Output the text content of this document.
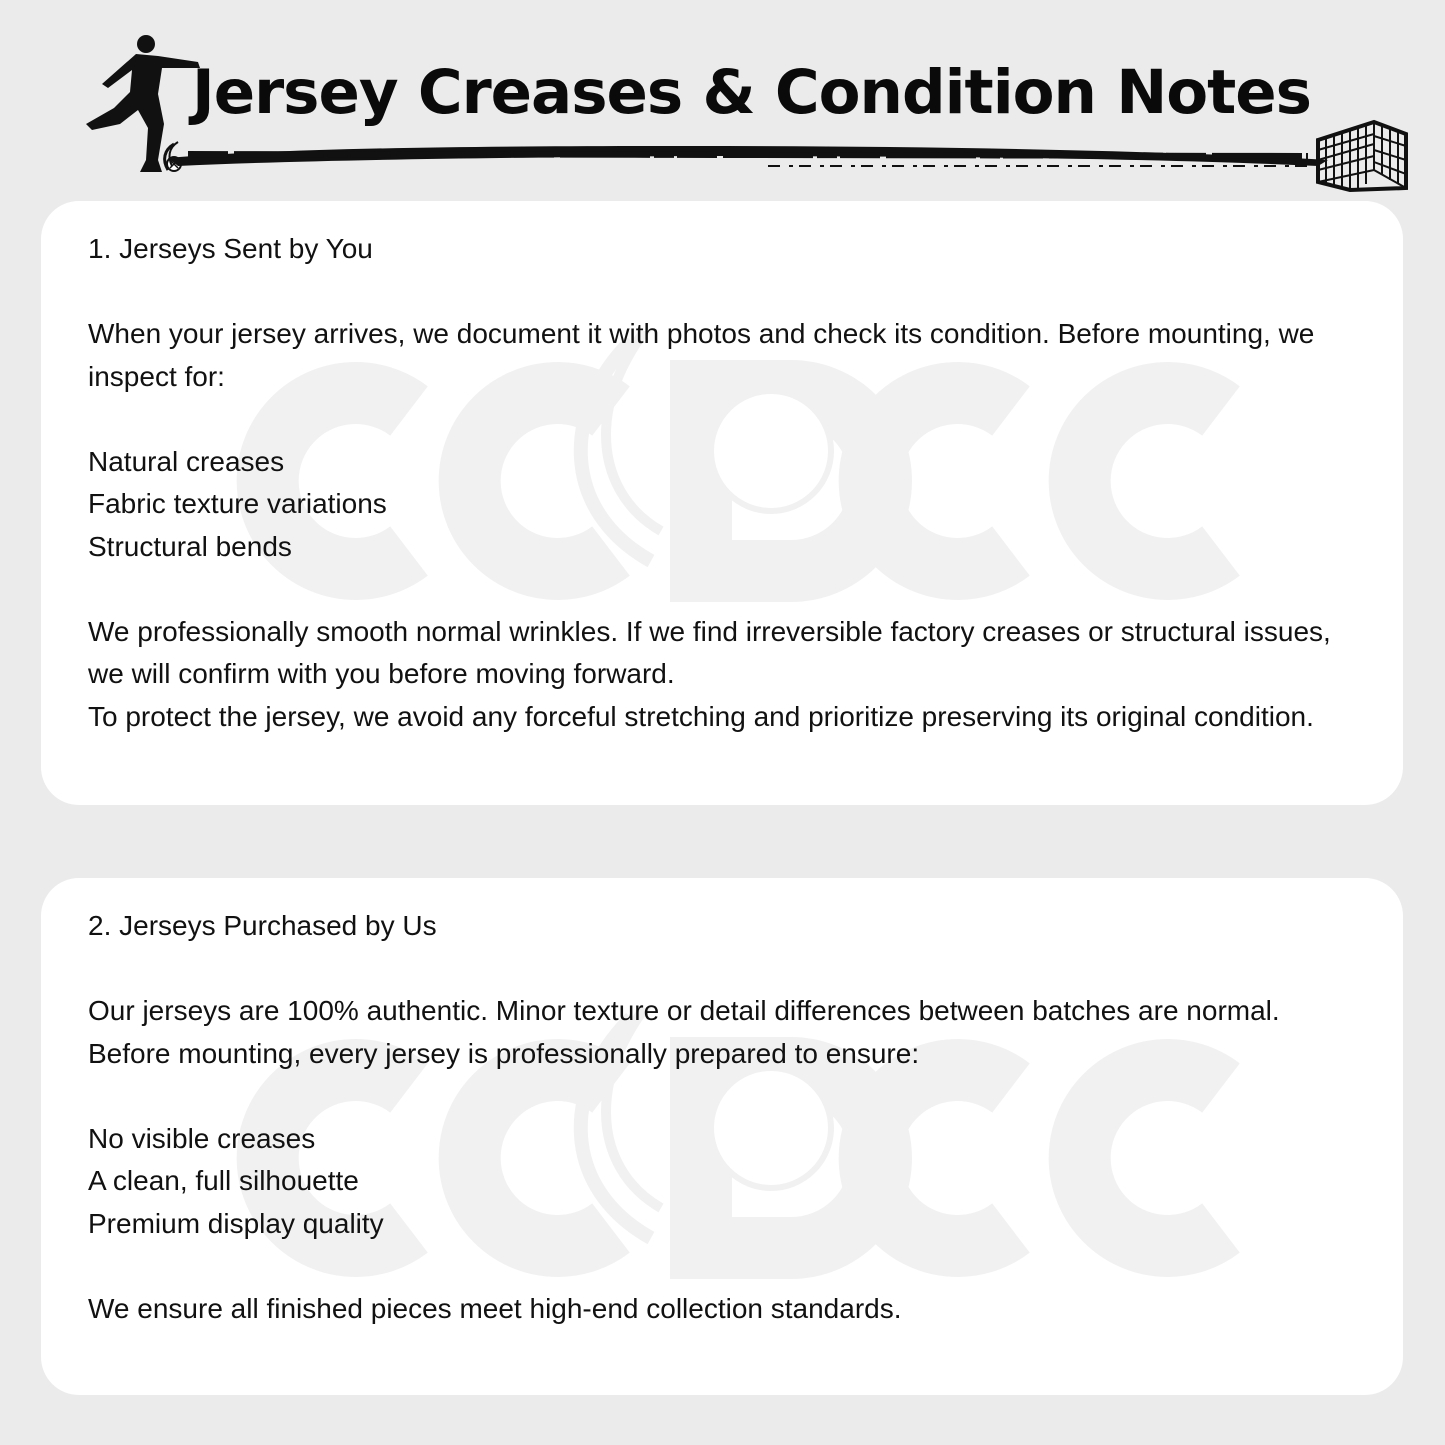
Jersey Creases & Condition Notes

1. Jerseys Sent by You

When your jersey arrives, we document it with photos and check its condition. Before mounting, we inspect for:

Natural creases

Fabric texture variations

Structural bends

We professionally smooth normal wrinkles. If we find irreversible factory creases or structural issues, we will confirm with you before moving forward.

To protect the jersey, we avoid any forceful stretching and prioritize preserving its original condition.

2. Jerseys Purchased by Us

Our jerseys are 100% authentic. Minor texture or detail differences between batches are normal.

Before mounting, every jersey is professionally prepared to ensure:

No visible creases

A clean, full silhouette

Premium display quality

We ensure all finished pieces meet high-end collection standards.
